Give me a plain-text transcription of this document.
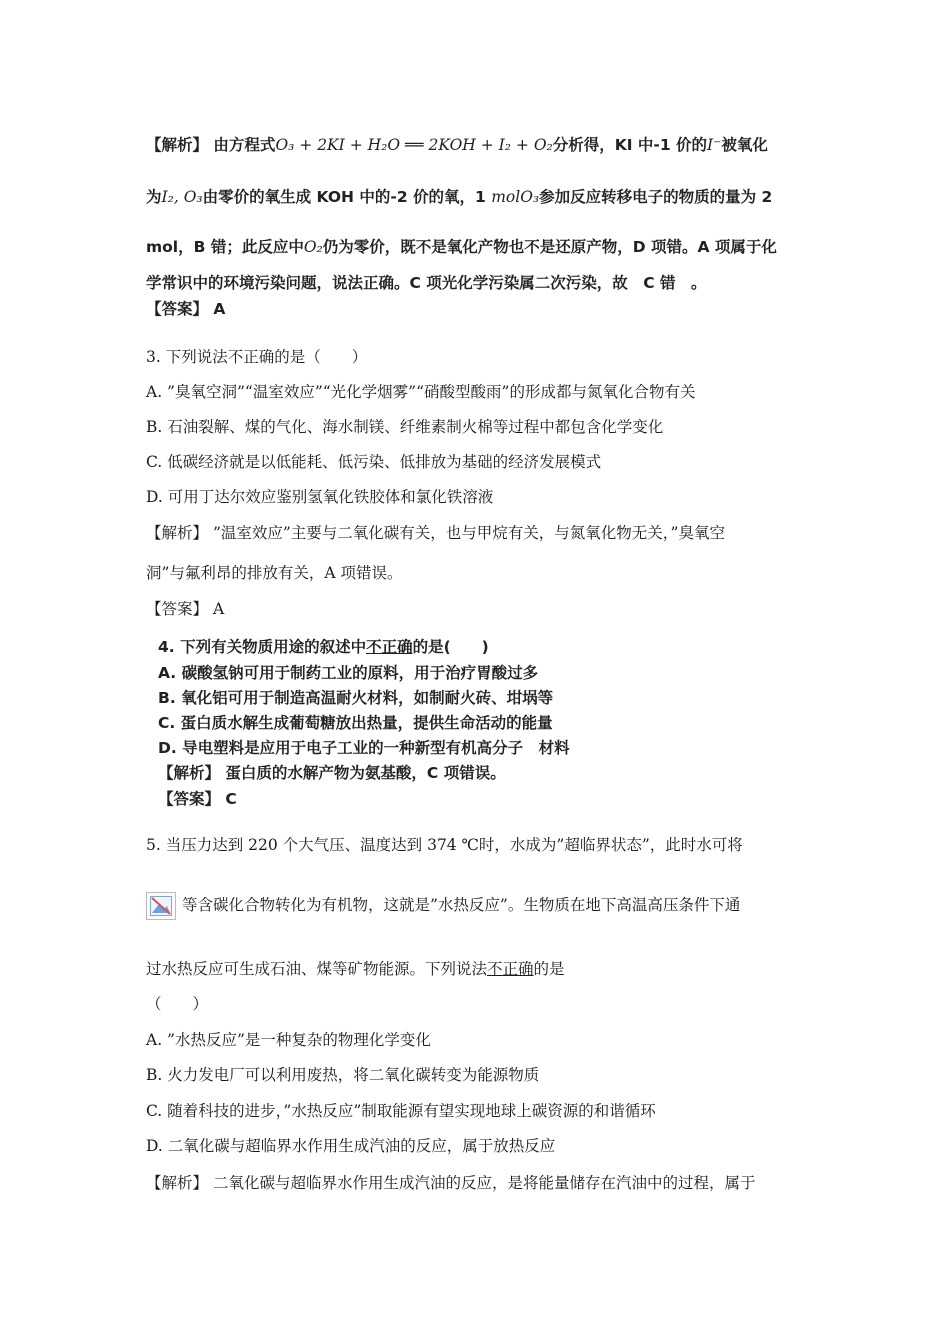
【解析】 由方程式O₃ + 2KI + H₂O ══ 2KOH + I₂ + O₂分析得，KI 中-1 价的I⁻被氧化
为I₂, O₃由零价的氧生成 KOH 中的-2 价的氧，1 molO₃参加反应转移电子的物质的量为 2
mol，B 错；此反应中O₂仍为零价，既不是氧化产物也不是还原产物，D 项错。A 项属于化
学常识中的环境污染问题，说法正确。C 项光化学污染属二次污染，故　C 错　。
【答案】 A
3. 下列说法不正确的是（　　）
A. ”臭氧空洞”“温室效应”“光化学烟雾”“硝酸型酸雨”的形成都与氮氧化合物有关
B. 石油裂解、煤的气化、海水制镁、纤维素制火棉等过程中都包含化学变化
C. 低碳经济就是以低能耗、低污染、低排放为基础的经济发展模式
D. 可用丁达尔效应鉴别氢氧化铁胶体和氯化铁溶液
【解析】 ”温室效应”主要与二氧化碳有关，也与甲烷有关，与氮氧化物无关，”臭氧空
洞”与氟利昂的排放有关，A 项错误。
【答案】 A
4. 下列有关物质用途的叙述中不正确的是(　　)
A. 碳酸氢钠可用于制药工业的原料，用于治疗胃酸过多
B. 氧化铝可用于制造高温耐火材料，如制耐火砖、坩埚等
C. 蛋白质水解生成葡萄糖放出热量，提供生命活动的能量
D. 导电塑料是应用于电子工业的一种新型有机高分子　材料
【解析】 蛋白质的水解产物为氨基酸，C 项错误。
【答案】 C
5. 当压力达到 220 个大气压、温度达到 374 ℃时，水成为”超临界状态”，此时水可将
等含碳化合物转化为有机物，这就是”水热反应”。生物质在地下高温高压条件下通
过水热反应可生成石油、煤等矿物能源。下列说法不正确的是
（　　）
A. ”水热反应”是一种复杂的物理化学变化
B. 火力发电厂可以利用废热，将二氧化碳转变为能源物质
C. 随着科技的进步，”水热反应”制取能源有望实现地球上碳资源的和谐循环
D. 二氧化碳与超临界水作用生成汽油的反应，属于放热反应
【解析】 二氧化碳与超临界水作用生成汽油的反应，是将能量储存在汽油中的过程，属于
